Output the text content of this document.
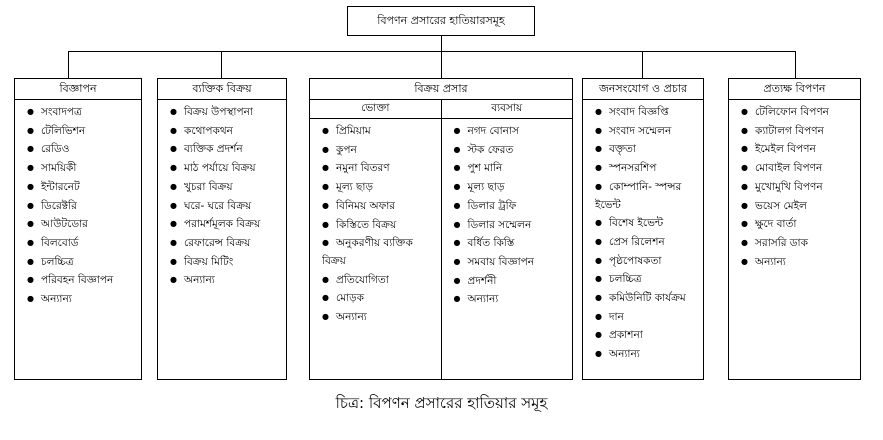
বিপণন প্রসারের হাতিয়ারসমূহ
বিজ্ঞাপন
● সংবাদপত্র
● টেলিভিশন
● রেডিও
● সাময়িকী
● ইন্টারনেট
● ডিরেক্টরি
● আউটডোর
● বিলবোর্ড
● চলচ্চিত্র
● পরিবহন বিজ্ঞাপন
● অন্যান্য
ব্যক্তিক বিক্রয়
● বিক্রয় উপস্থাপনা
● কথোপকথন
● ব্যক্তিক প্রদর্শন
● মাঠ পর্যায়ে বিক্রয়
● খুচরা বিক্রয়
● ঘরে- ঘরে বিক্রয়
● পরামর্শমূলক বিক্রয়
● রেফারেন্স বিক্রয়
● বিক্রয় মিটিং
● অন্যান্য
বিক্রয় প্রসার
ভোক্তা
● প্রিমিয়াম
● কুপন
● নমুনা বিতরণ
● মূল্য ছাড়
● বিনিময় অফার
● কিস্তিতে বিক্রয়
● অনুকরণীয় ব্যক্তিক বিক্রয়
● প্রতিযোগিতা
● মোড়ক
● অন্যান্য
ব্যবসায়
● নগদ বোনাস
● স্টক ফেরত
● পুশ মানি
● মূল্য ছাড়
● ডিলার ট্রফি
● ডিলার সম্মেলন
● বর্ধিত কিস্তি
● সমবায় বিজ্ঞাপন
● প্রদর্শনী
● অন্যান্য
জনসংযোগ ও প্রচার
● সংবাদ বিজ্ঞপ্তি
● সংবাদ সম্মেলন
● বক্তৃতা
● স্পনসরশিপ
● কোম্পানি- স্পন্সর ইভেন্ট
● বিশেষ ইভেন্ট
● প্রেস রিলেশন
● পৃষ্ঠপোষকতা
● চলচ্চিত্র
● কমিউনিটি কার্যক্রম
● দান
● প্রকাশনা
● অন্যান্য
প্রত্যক্ষ বিপণন
● টেলিফোন বিপণন
● ক্যাটালগ বিপণন
● ইমেইল বিপণন
● মোবাইল বিপণন
● মুখোমুখি বিপণন
● ভয়েস মেইল
● ক্ষুদে বার্তা
● সরাসরি ডাক
● অন্যান্য
চিত্র: বিপণন প্রসারের হাতিয়ার সমূহ
